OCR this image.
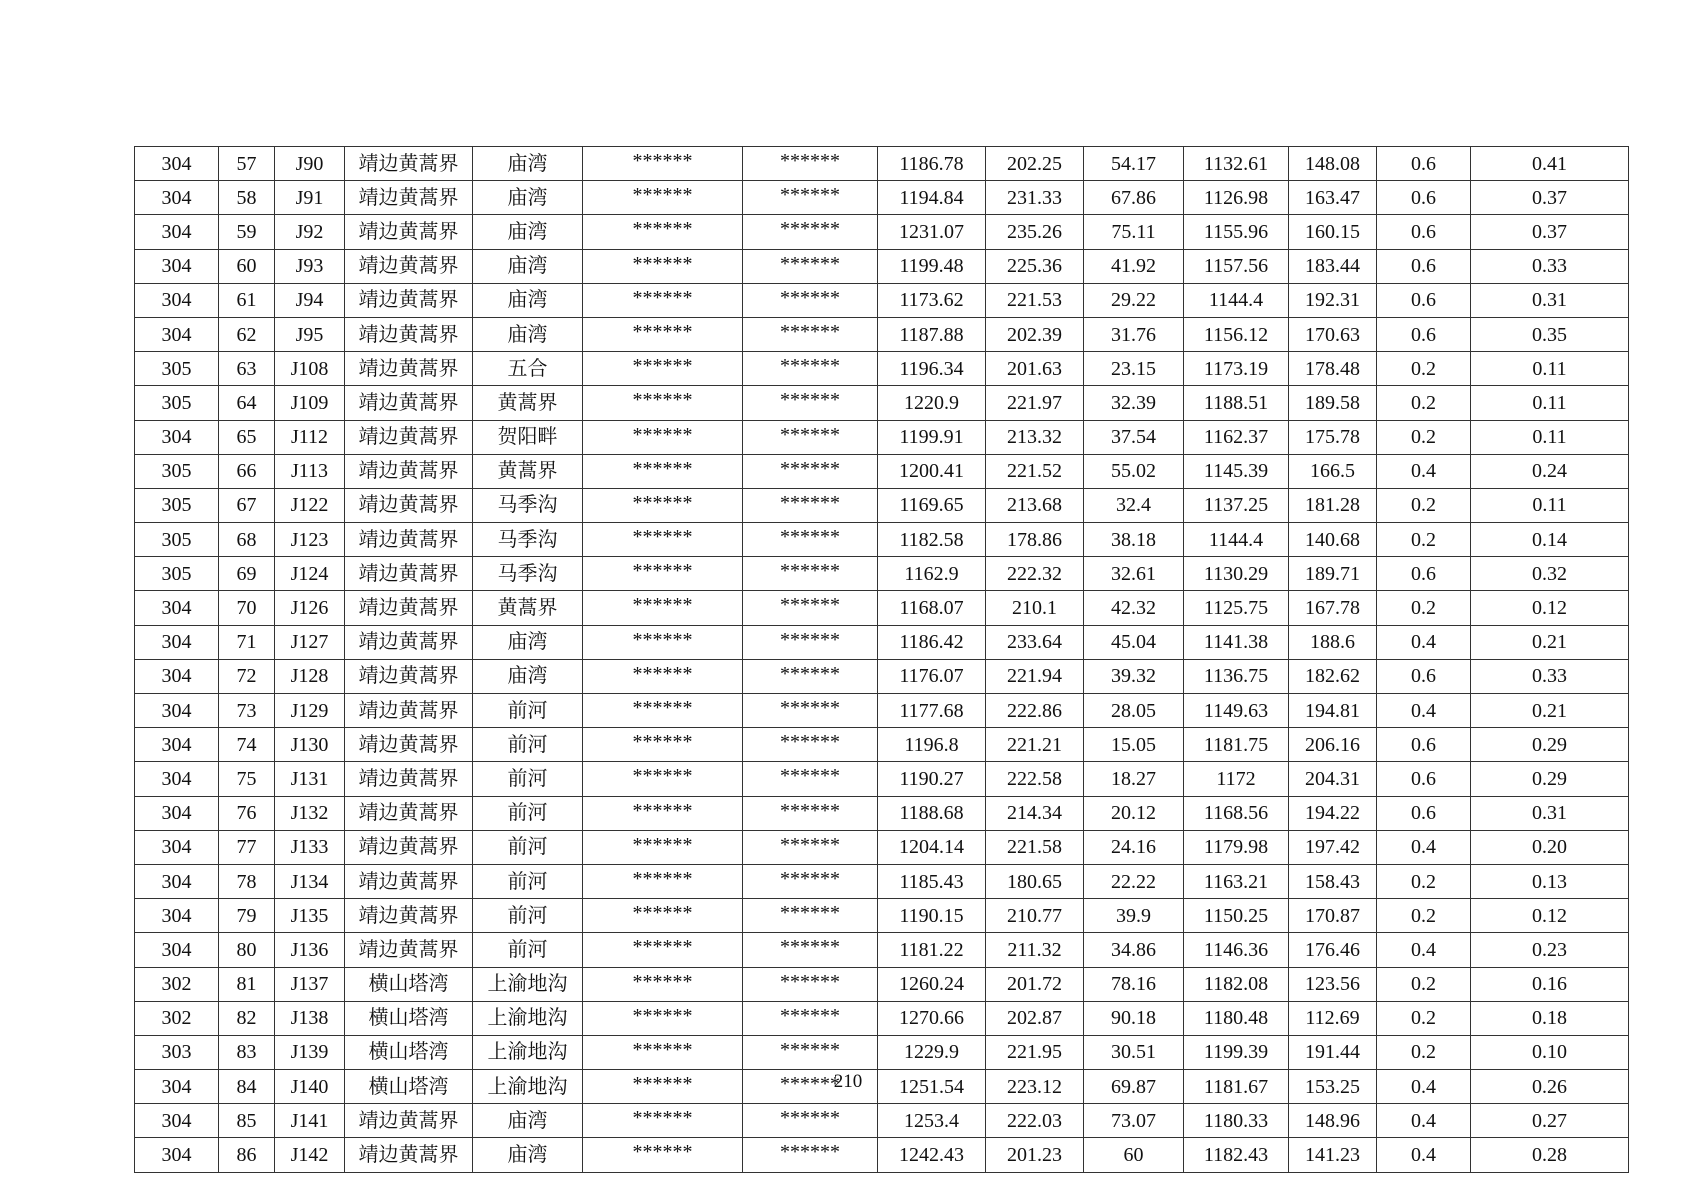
304	57	J90	靖边黄蒿界	庙湾	******	******	1186.78	202.25	54.17	1132.61	148.08	0.6	0.41
304	58	J91	靖边黄蒿界	庙湾	******	******	1194.84	231.33	67.86	1126.98	163.47	0.6	0.37
304	59	J92	靖边黄蒿界	庙湾	******	******	1231.07	235.26	75.11	1155.96	160.15	0.6	0.37
304	60	J93	靖边黄蒿界	庙湾	******	******	1199.48	225.36	41.92	1157.56	183.44	0.6	0.33
304	61	J94	靖边黄蒿界	庙湾	******	******	1173.62	221.53	29.22	1144.4	192.31	0.6	0.31
304	62	J95	靖边黄蒿界	庙湾	******	******	1187.88	202.39	31.76	1156.12	170.63	0.6	0.35
305	63	J108	靖边黄蒿界	五合	******	******	1196.34	201.63	23.15	1173.19	178.48	0.2	0.11
305	64	J109	靖边黄蒿界	黄蒿界	******	******	1220.9	221.97	32.39	1188.51	189.58	0.2	0.11
304	65	J112	靖边黄蒿界	贺阳畔	******	******	1199.91	213.32	37.54	1162.37	175.78	0.2	0.11
305	66	J113	靖边黄蒿界	黄蒿界	******	******	1200.41	221.52	55.02	1145.39	166.5	0.4	0.24
305	67	J122	靖边黄蒿界	马季沟	******	******	1169.65	213.68	32.4	1137.25	181.28	0.2	0.11
305	68	J123	靖边黄蒿界	马季沟	******	******	1182.58	178.86	38.18	1144.4	140.68	0.2	0.14
305	69	J124	靖边黄蒿界	马季沟	******	******	1162.9	222.32	32.61	1130.29	189.71	0.6	0.32
304	70	J126	靖边黄蒿界	黄蒿界	******	******	1168.07	210.1	42.32	1125.75	167.78	0.2	0.12
304	71	J127	靖边黄蒿界	庙湾	******	******	1186.42	233.64	45.04	1141.38	188.6	0.4	0.21
304	72	J128	靖边黄蒿界	庙湾	******	******	1176.07	221.94	39.32	1136.75	182.62	0.6	0.33
304	73	J129	靖边黄蒿界	前河	******	******	1177.68	222.86	28.05	1149.63	194.81	0.4	0.21
304	74	J130	靖边黄蒿界	前河	******	******	1196.8	221.21	15.05	1181.75	206.16	0.6	0.29
304	75	J131	靖边黄蒿界	前河	******	******	1190.27	222.58	18.27	1172	204.31	0.6	0.29
304	76	J132	靖边黄蒿界	前河	******	******	1188.68	214.34	20.12	1168.56	194.22	0.6	0.31
304	77	J133	靖边黄蒿界	前河	******	******	1204.14	221.58	24.16	1179.98	197.42	0.4	0.20
304	78	J134	靖边黄蒿界	前河	******	******	1185.43	180.65	22.22	1163.21	158.43	0.2	0.13
304	79	J135	靖边黄蒿界	前河	******	******	1190.15	210.77	39.9	1150.25	170.87	0.2	0.12
304	80	J136	靖边黄蒿界	前河	******	******	1181.22	211.32	34.86	1146.36	176.46	0.4	0.23
302	81	J137	横山塔湾	上渝地沟	******	******	1260.24	201.72	78.16	1182.08	123.56	0.2	0.16
302	82	J138	横山塔湾	上渝地沟	******	******	1270.66	202.87	90.18	1180.48	112.69	0.2	0.18
303	83	J139	横山塔湾	上渝地沟	******	******	1229.9	221.95	30.51	1199.39	191.44	0.2	0.10
304	84	J140	横山塔湾	上渝地沟	******	******	1251.54	223.12	69.87	1181.67	153.25	0.4	0.26
304	85	J141	靖边黄蒿界	庙湾	******	******	1253.4	222.03	73.07	1180.33	148.96	0.4	0.27
304	86	J142	靖边黄蒿界	庙湾	******	******	1242.43	201.23	60	1182.43	141.23	0.4	0.28
210
